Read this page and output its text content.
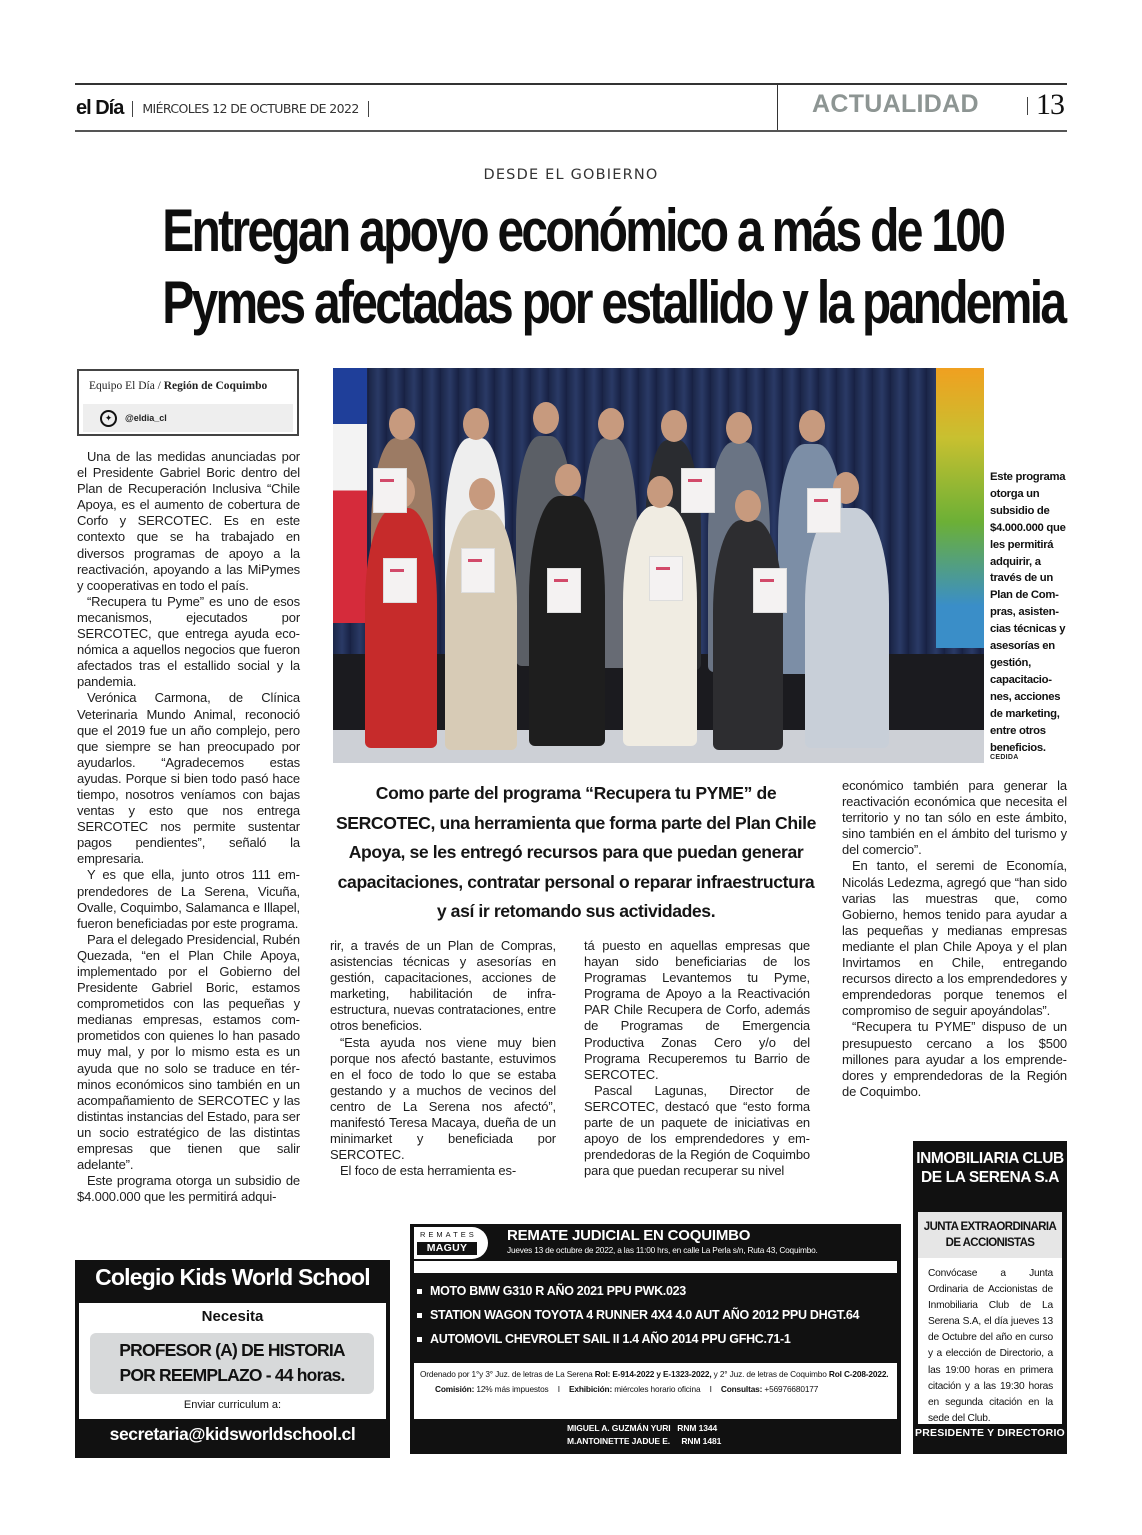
el Día MIÉRCOLES 12 DE OCTUBRE DE 2022	ACTUALIDAD 13
DESDE EL GOBIERNO
Entregan apoyo económico a más de 100
Pymes afectadas por estallido y la pandemia
Equipo El Día / Región de Coquimbo
✦	@eldia_cl

Una de las medidas anunciadas por el Presidente Gabriel Boric dentro del Plan de Recuperación Inclusiva “Chile Apoya, es el aumento de cobertura de Corfo y SERCOTEC. Es en este contexto que se ha trabajado en diversos programas de apoyo a la reactivación, apoyando a las MiPymes y cooperativas en todo el país.

“Recupera tu Pyme” es uno de esos mecanismos, ejecutados por SERCOTEC, que entrega ayuda económica a aquellos negocios que fueron afectados tras el estallido social y la pandemia.

Verónica Carmona, de Clínica Veterinaria Mundo Animal, reconoció que el 2019 fue un año complejo, pero que siempre se han preocupado por ayudarlos. “Agradecemos estas ayudas. Porque si bien todo pasó hace tiempo, nosotros veníamos con bajas ventas y esto que nos entrega SERCOTEC nos permite sustentar pagos pendientes”, señaló la empresaria.

Y es que ella, junto otros 111 emprendedores de La Serena, Vicuña, Ovalle, Coquimbo, Salamanca e Illapel, fueron beneficiadas por este programa.

Para el delegado Presidencial, Rubén Quezada, “en el Plan Chile Apoya, implementado por el Gobierno del Presidente Gabriel Boric, estamos comprometidos con las pequeñas y medianas empresas, estamos comprometidos con quienes lo han pasado muy mal, y por lo mismo esta es un ayuda que no solo se traduce en términos económicos sino también en un acompañamiento de SERCOTEC y las distintas instancias del Estado, para ser un socio estratégico de las distintas empresas que tienen que salir adelante”.

Este programa otorga un subsidio de $4.000.000 que les permitirá adqui-

Este programa otorga un subsidio de $4.000.000 que les permitirá adquirir, a través de un Plan de Compras, asistencias técnicas y asesorías en gestión, capacitaciones, acciones de marketing, entre otros beneficios.
CEDIDA
Como parte del programa “Recupera tu PYME” de SERCOTEC, una herramienta que forma parte del Plan Chile Apoya, se les entregó recursos para que puedan generar capacitaciones, contratar personal o reparar infraestructura y así ir retomando sus actividades.

rir, a través de un Plan de Compras, asistencias técnicas y asesorías en gestión, capacitaciones, acciones de marketing, habilitación de infraestructura, nuevas contrataciones, entre otros beneficios.

“Esta ayuda nos viene muy bien porque nos afectó bastante, estuvimos en el foco de todo lo que se estaba gestando y a muchos de vecinos del centro de La Serena nos afectó”, manifestó Teresa Macaya, dueña de un minimarket y beneficiada por SERCOTEC.

El foco de esta herramienta es-

tá puesto en aquellas empresas que hayan sido beneficiarias de los Programas Levantemos tu Pyme, Programa de Apoyo a la Reactivación PAR Chile Recupera de Corfo, además de Programas de Emergencia Productiva Zonas Cero y/o del Programa Recuperemos tu Barrio de SERCOTEC.

Pascal Lagunas, Director de SERCOTEC, destacó que “esto forma parte de un paquete de iniciativas en apoyo de los emprendedores y emprendedoras de la Región de Coquimbo para que puedan recuperar su nivel

económico también para generar la reactivación económica que necesita el territorio y no tan sólo en este ámbito, sino también en el ámbito del turismo y del comercio”.

En tanto, el seremi de Economía, Nicolás Ledezma, agregó que “han sido varias las muestras que, como Gobierno, hemos tenido para ayudar a las pequeñas y medianas empresas mediante el plan Chile Apoya y el plan Invirtamos en Chile, entregando recursos directo a los emprendedores y emprendedoras porque tenemos el compromiso de seguir apoyándolas”.

“Recupera tu PYME” dispuso de un presupuesto cercano a los $500 millones para ayudar a los emprendedores y emprendedoras de la Región de Coquimbo.

INMOBILIARIA CLUB DE LA SERENA S.A
JUNTA EXTRAORDINARIA DE ACCIONISTAS
Convócase a Junta Ordinaria de Accionistas de Inmobiliaria Club de La Serena S.A, el día jueves 13 de Octubre del año en curso y a elección de Directorio, a las 19:00 horas en primera citación y a las 19:30 horas en segunda citación en la sede del Club.
PRESIDENTE Y DIRECTORIO
REMATES
MAGUY
REMATE JUDICIAL EN COQUIMBO
Jueves 13 de octubre de 2022, a las 11:00 hrs, en calle La Perla s/n, Ruta 43, Coquimbo.
MOTO BMW G310 R AÑO 2021 PPU PWK.023
STATION WAGON TOYOTA 4 RUNNER 4X4 4.0 AUT AÑO 2012 PPU DHGT.64
AUTOMOVIL CHEVROLET SAIL II 1.4 AÑO 2014 PPU GFHC.71-1
Ordenado por 1°y 3° Juz. de letras de La Serena Rol: E-914-2022 y E-1323-2022, y 2° Juz. de letras de Coquimbo Rol C-208-2022.
Comisión: 12% más impuestos I Exhibición: miércoles horario oficina I Consultas: +56976680177
MIGUEL A. GUZMÁN YURI   RNM 1344
M.ANTOINETTE JADUE E.     RNM 1481
Colegio Kids World School
Necesita
PROFESOR (A) DE HISTORIA
POR REEMPLAZO - 44 horas.
Enviar curriculum a:
secretaria@kidsworldschool.cl
